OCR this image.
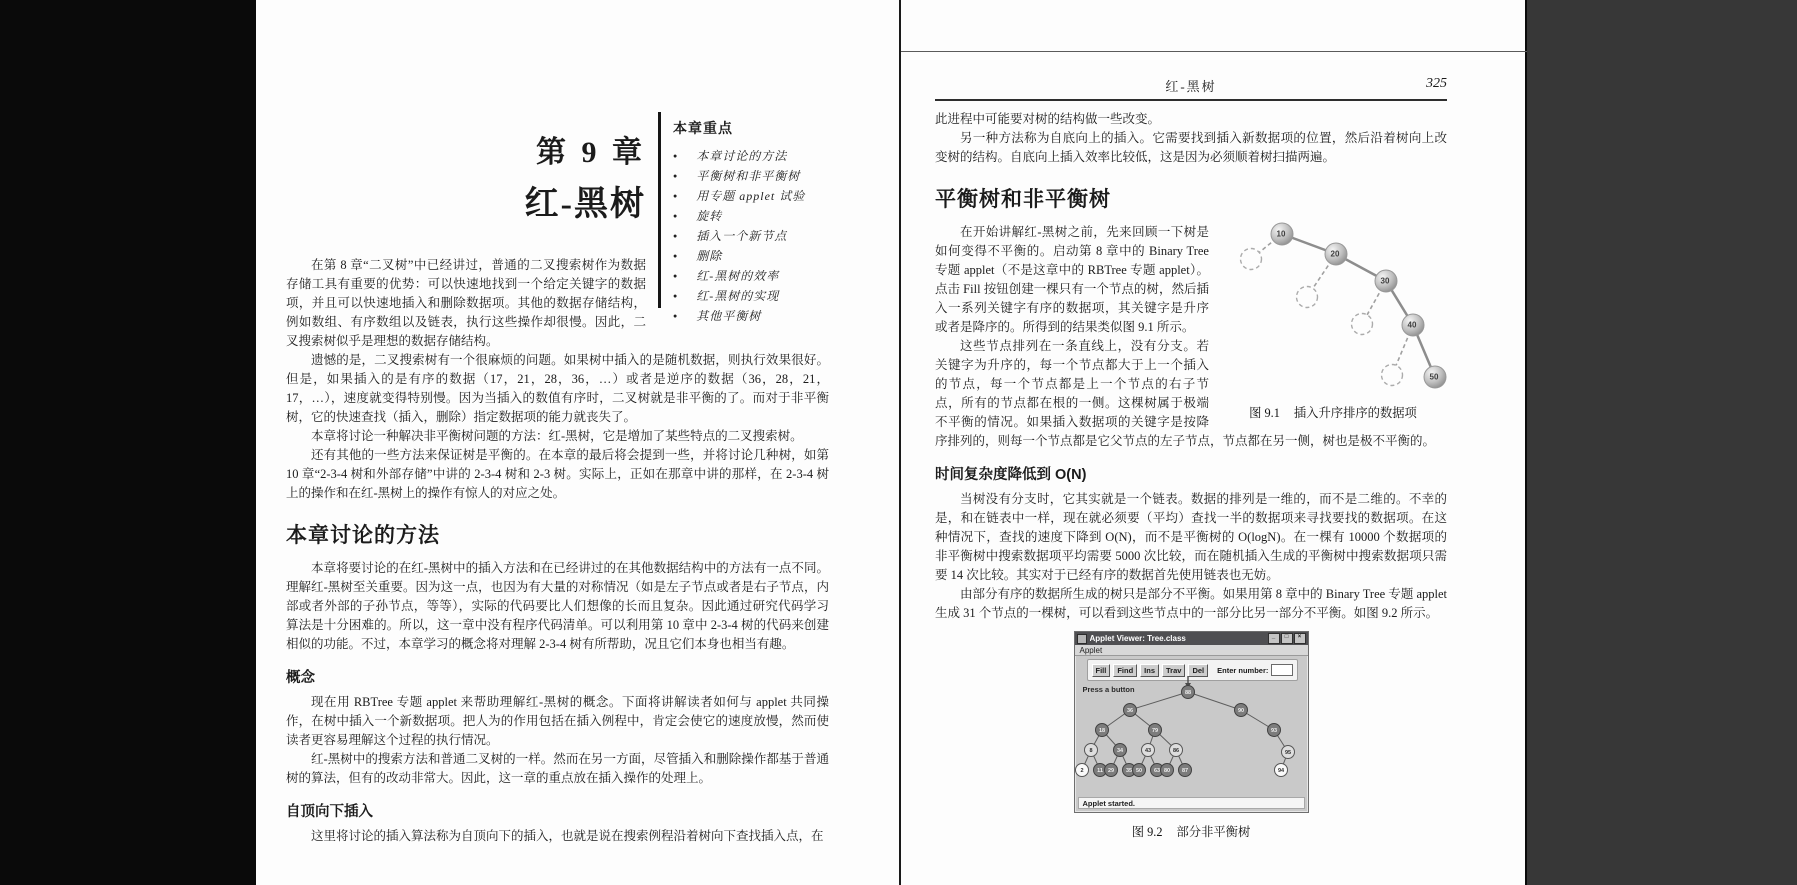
本章重点
● 本章讨论的方法
● 平衡树和非平衡树
● 用专题 applet 试验
● 旋转
● 插入一个新节点
● 删除
● 红-黑树的效率
● 红-黑树的实现
● 其他平衡树
第 9 章
红-黑树

在第 8 章“二叉树”中已经讲过，普通的二叉搜索树作为数据存储工具有重要的优势：可以快速地找到一个给定关键字的数据项，并且可以快速地插入和删除数据项。其他的数据存储结构，例如数组、有序数组以及链表，执行这些操作却很慢。因此，二叉搜索树似乎是理想的数据存储结构。

遗憾的是，二叉搜索树有一个很麻烦的问题。如果树中插入的是随机数据，则执行效果很好。但是，如果插入的是有序的数据（17，21，28，36，…）或者是逆序的数据（36，28，21，17，…），速度就变得特别慢。因为当插入的数值有序时，二叉树就是非平衡的了。而对于非平衡树，它的快速查找（插入，删除）指定数据项的能力就丧失了。

本章将讨论一种解决非平衡树问题的方法：红-黑树，它是增加了某些特点的二叉搜索树。

还有其他的一些方法来保证树是平衡的。在本章的最后将会提到一些，并将讨论几种树，如第 10 章“2-3-4 树和外部存储”中讲的 2-3-4 树和 2-3 树。实际上，正如在那章中讲的那样，在 2-3-4 树上的操作和在红-黑树上的操作有惊人的对应之处。

本章讨论的方法

本章将要讨论的在红-黑树中的插入方法和在已经讲过的在其他数据结构中的方法有一点不同。理解红-黑树至关重要。因为这一点，也因为有大量的对称情况（如是左子节点或者是右子节点，内部或者外部的子孙节点，等等），实际的代码要比人们想像的长而且复杂。因此通过研究代码学习算法是十分困难的。所以，这一章中没有程序代码清单。可以利用第 10 章中 2-3-4 树的代码来创建相似的功能。不过，本章学习的概念将对理解 2-3-4 树有所帮助，况且它们本身也相当有趣。

概念

现在用 RBTree 专题 applet 来帮助理解红-黑树的概念。下面将讲解读者如何与 applet 共同操作，在树中插入一个新数据项。把人为的作用包括在插入例程中，肯定会使它的速度放慢，然而使读者更容易理解这个过程的执行情况。

红-黑树中的搜索方法和普通二叉树的一样。然而在另一方面，尽管插入和删除操作都基于普通树的算法，但有的改动非常大。因此，这一章的重点放在插入操作的处理上。

自顶向下插入

这里将讨论的插入算法称为自顶向下的插入，也就是说在搜索例程沿着树向下查找插入点，在

红-黑树	325

此进程中可能要对树的结构做一些改变。

另一种方法称为自底向上的插入。它需要找到插入新数据项的位置，然后沿着树向上改变树的结构。自底向上插入效率比较低，这是因为必须顺着树扫描两遍。

平衡树和非平衡树
10
20
30
40
50
图 9.1 插入升序排序的数据项

在开始讲解红-黑树之前，先来回顾一下树是如何变得不平衡的。启动第 8 章中的 Binary Tree 专题 applet（不是这章中的 RBTree 专题 applet）。点击 Fill 按钮创建一棵只有一个节点的树，然后插入一系列关键字有序的数据项，其关键字是升序或者是降序的。所得到的结果类似图 9.1 所示。

这些节点排列在一条直线上，没有分支。若关键字为升序的，每一个节点都大于上一个插入的节点，每一个节点都是上一个节点的右子节点，所有的节点都在根的一侧。这棵树属于极端不平衡的情况。如果插入数据项的关键字是按降序排列的，则每一个节点都是它父节点的左子节点，节点都在另一侧，树也是极不平衡的。

时间复杂度降低到 O(N)

当树没有分支时，它其实就是一个链表。数据的排列是一维的，而不是二维的。不幸的是，和在链表中一样，现在就必须要（平均）查找一半的数据项来寻找要找的数据项。在这种情况下，查找的速度下降到 O(N)，而不是平衡树的 O(logN)。在一棵有 10000 个数据项的非平衡树中搜索数据项平均需要 5000 次比较，而在随机插入生成的平衡树中搜索数据项只需要 14 次比较。其实对于已经有序的数据首先使用链表也无妨。

由部分有序的数据所生成的树只是部分不平衡。如果用第 8 章中的 Binary Tree 专题 applet 生成 31 个节点的一棵树，可以看到这些节点中的一部分比另一部分不平衡。如图 9.2 所示。

Applet Viewer: Tree.class	_	□	×
Applet
Fill	Find	Ins	Trav	Del	Enter number:
Press a button	88
36	90
18	79	93
8	34	43	86	95
2 11 29 35 50 63 80 87	94
Applet started.
图 9.2 部分非平衡树
